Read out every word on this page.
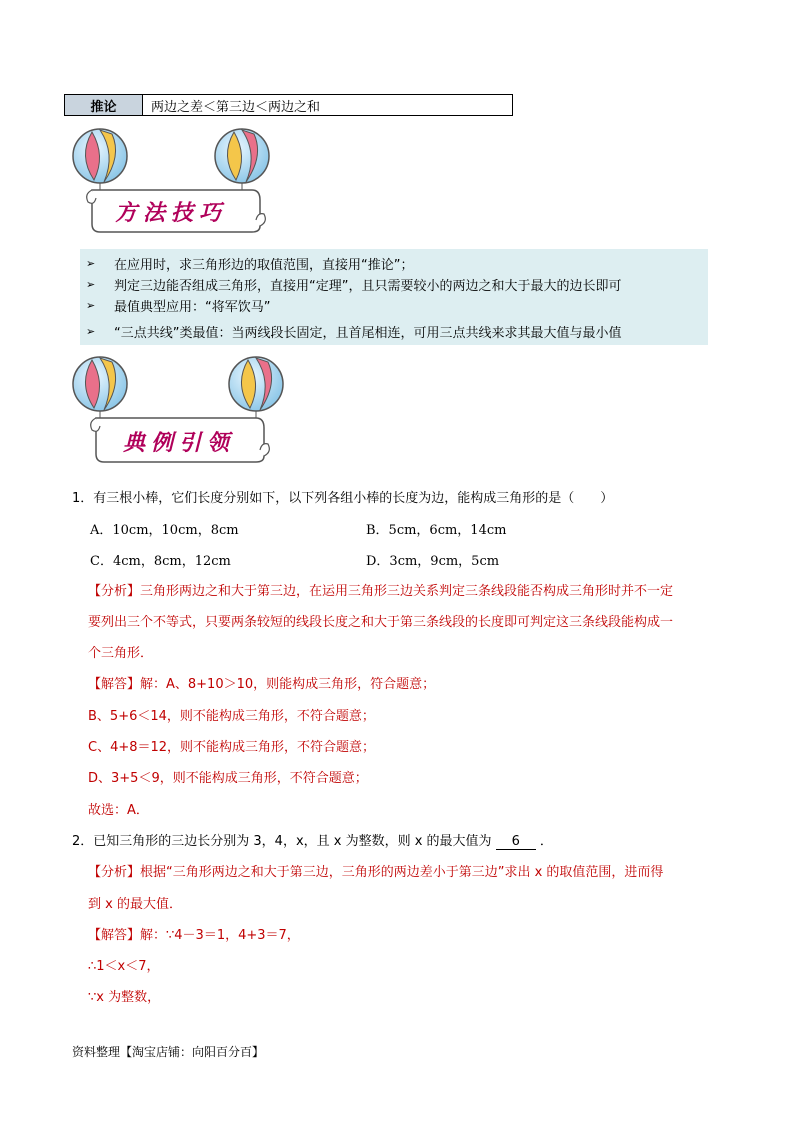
推论	两边之差＜第三边＜两边之和
方法技巧
➢	在应用时，求三角形边的取值范围，直接用“推论”；
➢	判定三边能否组成三角形，直接用“定理”，且只需要较小的两边之和大于最大的边长即可
➢	最值典型应用：“将军饮马”
➢	“三点共线”类最值：当两线段长固定，且首尾相连，可用三点共线来求其最大值与最小值
典例引领
1．有三根小棒，它们长度分别如下，以下列各组小棒的长度为边，能构成三角形的是（　　）
A．10cm，10cm，8cm	B．5cm，6cm，14cm
C．4cm，8cm，12cm	D．3cm，9cm，5cm
【分析】三角形两边之和大于第三边，在运用三角形三边关系判定三条线段能否构成三角形时并不一定
要列出三个不等式，只要两条较短的线段长度之和大于第三条线段的长度即可判定这三条线段能构成一
个三角形．
【解答】解：A、8+10＞10，则能构成三角形，符合题意；
B、5+6＜14，则不能构成三角形，不符合题意；
C、4+8＝12，则不能构成三角形，不符合题意；
D、3+5＜9，则不能构成三角形，不符合题意；
故选：A．
2．已知三角形的三边长分别为 3，4，x，且 x 为整数，则 x 的最大值为 6 ．
【分析】根据“三角形两边之和大于第三边，三角形的两边差小于第三边”求出 x 的取值范围，进而得
到 x 的最大值．
【解答】解：∵4－3＝1，4+3＝7，
∴1＜x＜7，
∵x 为整数，
资料整理【淘宝店铺：向阳百分百】
